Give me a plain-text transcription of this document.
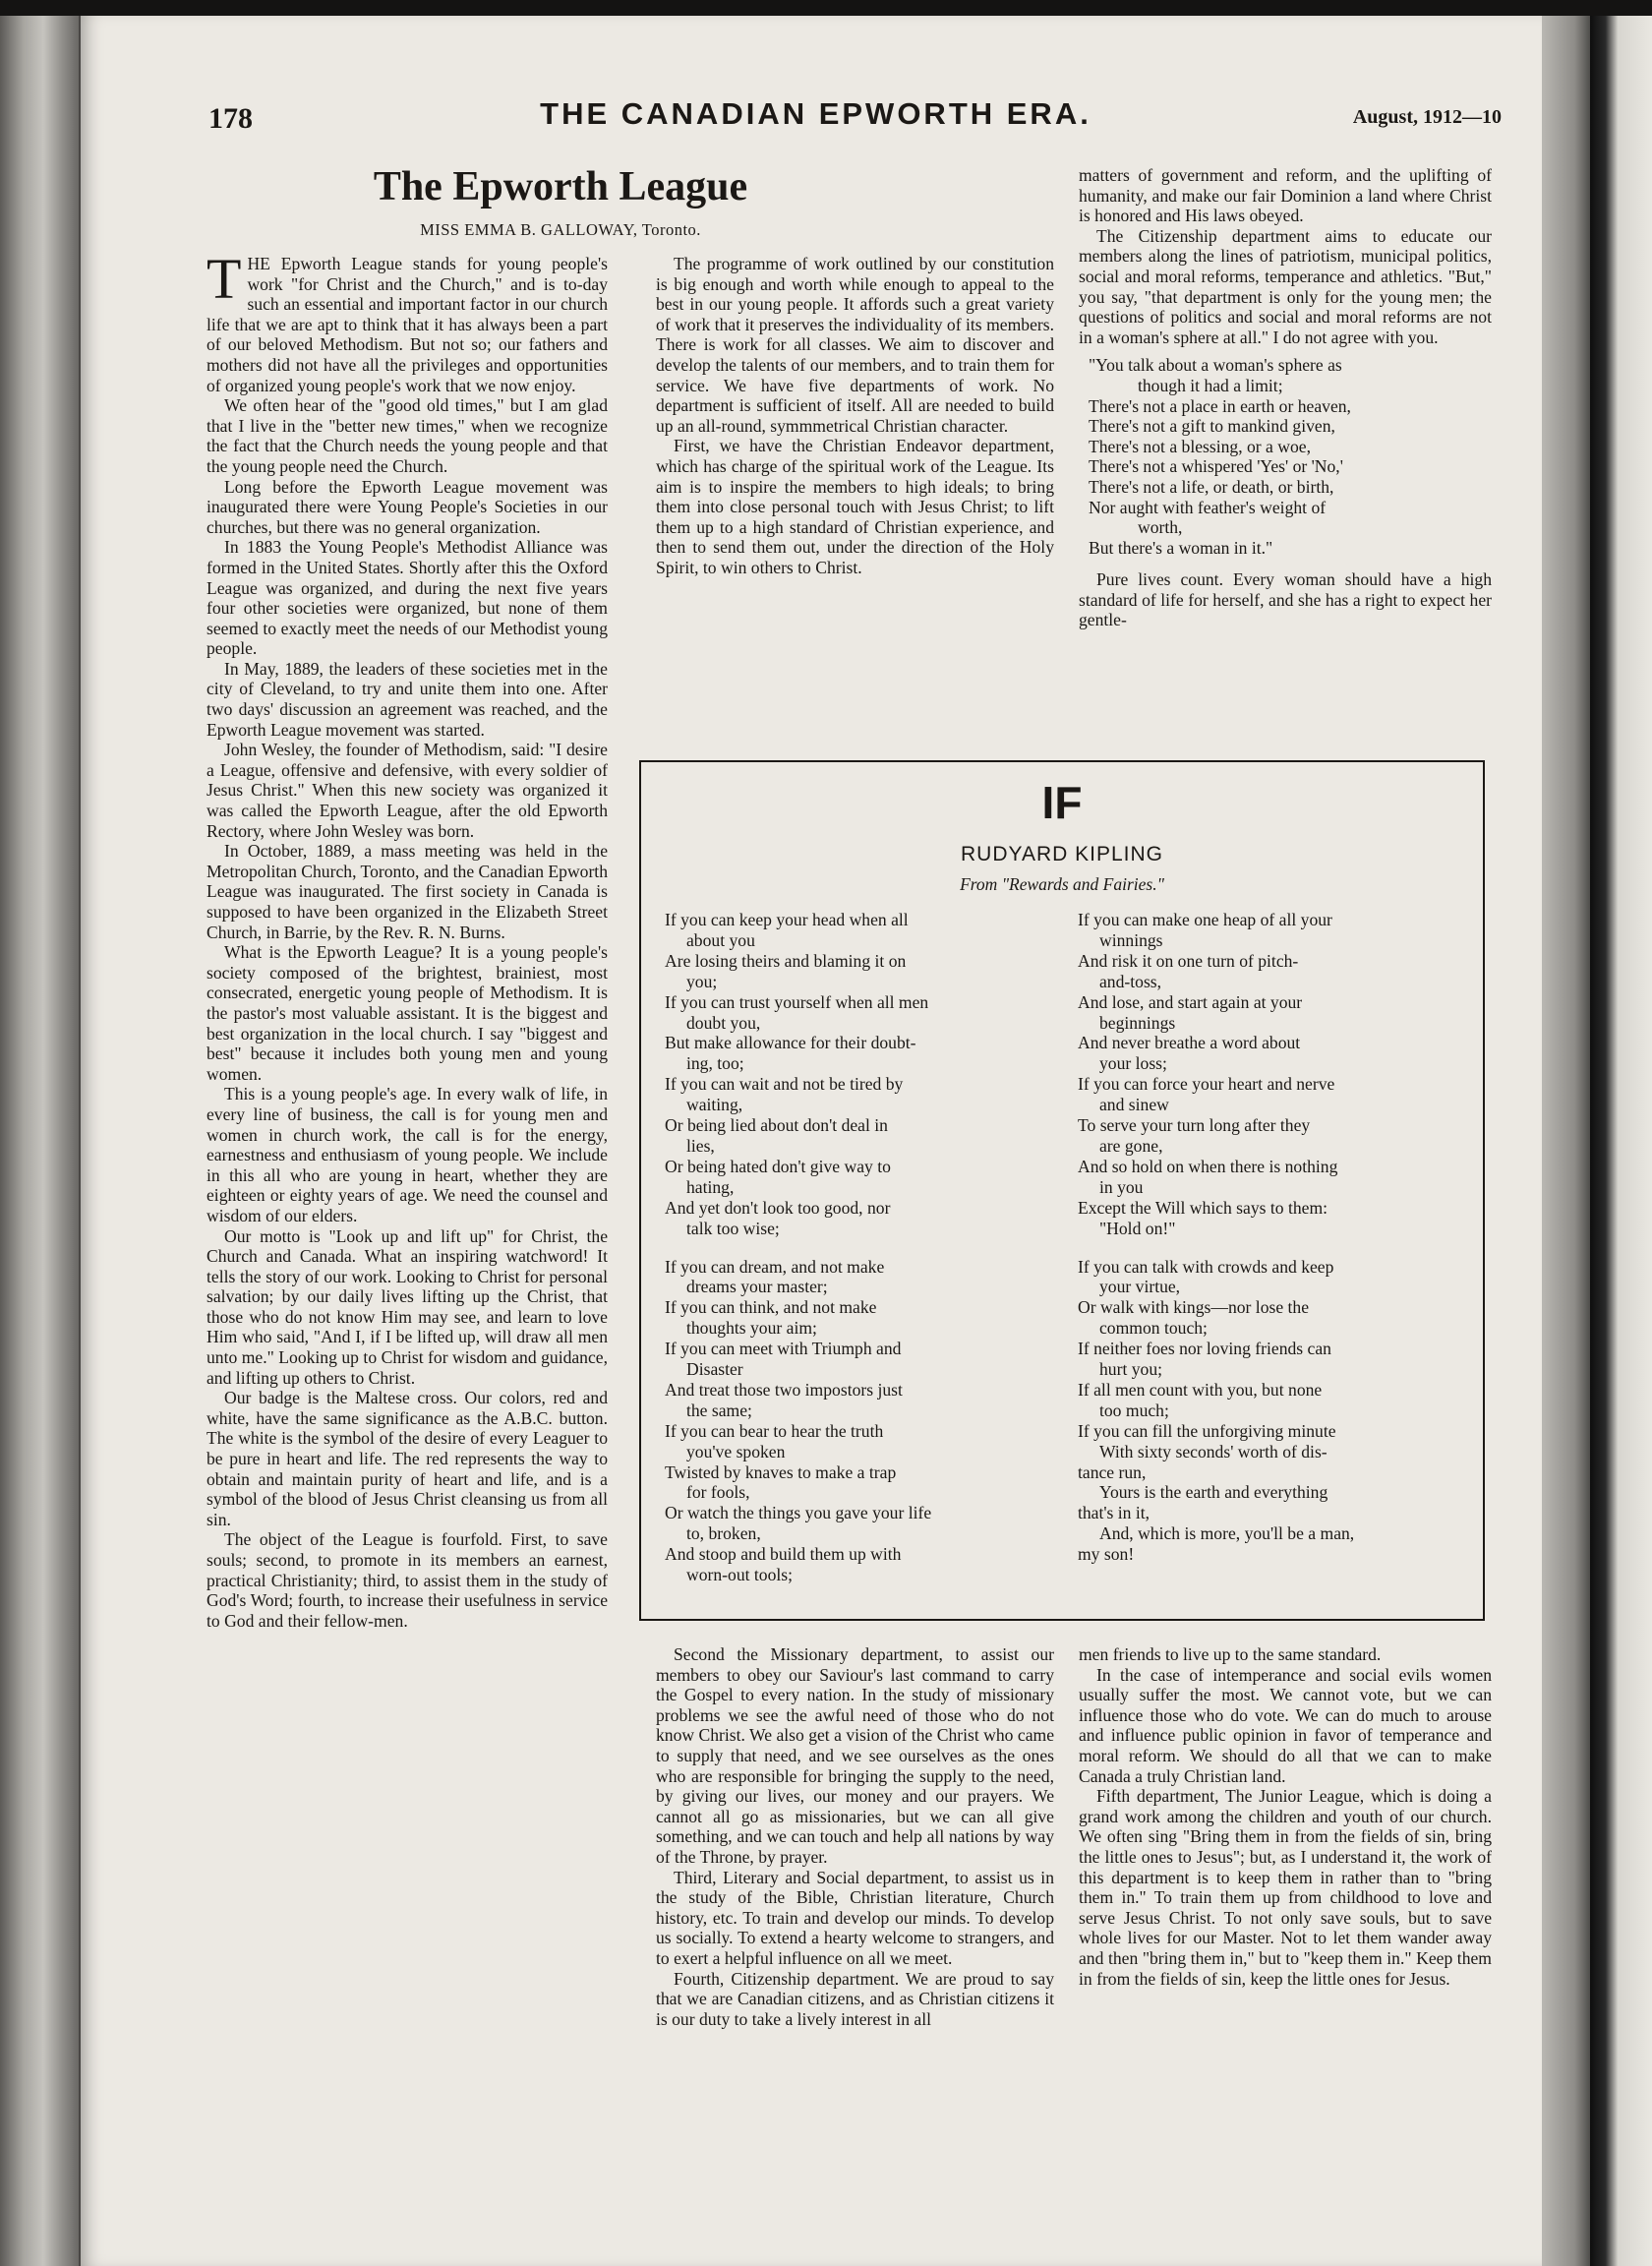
178	THE CANADIAN EPWORTH ERA.	August, 1912—10
The Epworth League
MISS EMMA B. GALLOWAY, Toronto.

THE Epworth League stands for young people's work "for Christ and the Church," and is to-day such an essential and important factor in our church life that we are apt to think that it has always been a part of our beloved Methodism. But not so; our fathers and mothers did not have all the privileges and opportunities of organized young people's work that we now enjoy.

We often hear of the "good old times," but I am glad that I live in the "better new times," when we recognize the fact that the Church needs the young people and that the young people need the Church.

Long before the Epworth League movement was inaugurated there were Young People's Societies in our churches, but there was no general organization.

In 1883 the Young People's Methodist Alliance was formed in the United States. Shortly after this the Oxford League was organized, and during the next five years four other societies were organized, but none of them seemed to exactly meet the needs of our Methodist young people.

In May, 1889, the leaders of these societies met in the city of Cleveland, to try and unite them into one. After two days' discussion an agreement was reached, and the Epworth League movement was started.

John Wesley, the founder of Methodism, said: "I desire a League, offensive and defensive, with every soldier of Jesus Christ." When this new society was organized it was called the Epworth League, after the old Epworth Rectory, where John Wesley was born.

In October, 1889, a mass meeting was held in the Metropolitan Church, Toronto, and the Canadian Epworth League was inaugurated. The first society in Canada is supposed to have been organized in the Elizabeth Street Church, in Barrie, by the Rev. R. N. Burns.

What is the Epworth League? It is a young people's society composed of the brightest, brainiest, most consecrated, energetic young people of Methodism. It is the pastor's most valuable assistant. It is the biggest and best organization in the local church. I say "biggest and best" because it includes both young men and young women.

This is a young people's age. In every walk of life, in every line of business, the call is for young men and women in church work, the call is for the energy, earnestness and enthusiasm of young people. We include in this all who are young in heart, whether they are eighteen or eighty years of age. We need the counsel and wisdom of our elders.

Our motto is "Look up and lift up" for Christ, the Church and Canada. What an inspiring watchword! It tells the story of our work. Looking to Christ for personal salvation; by our daily lives lifting up the Christ, that those who do not know Him may see, and learn to love Him who said, "And I, if I be lifted up, will draw all men unto me." Looking up to Christ for wisdom and guidance, and lifting up others to Christ.

Our badge is the Maltese cross. Our colors, red and white, have the same significance as the A.B.C. button. The white is the symbol of the desire of every Leaguer to be pure in heart and life. The red represents the way to obtain and maintain purity of heart and life, and is a symbol of the blood of Jesus Christ cleansing us from all sin.

The object of the League is fourfold. First, to save souls; second, to promote in its members an earnest, practical Christianity; third, to assist them in the study of God's Word; fourth, to increase their usefulness in service to God and their fellow-men.

The programme of work outlined by our constitution is big enough and worth while enough to appeal to the best in our young people. It affords such a great variety of work that it preserves the individuality of its members. There is work for all classes. We aim to discover and develop the talents of our members, and to train them for service. We have five departments of work. No department is sufficient of itself. All are needed to build up an all-round, symmmetrical Christian character.

First, we have the Christian Endeavor department, which has charge of the spiritual work of the League. Its aim is to inspire the members to high ideals; to bring them into close personal touch with Jesus Christ; to lift them up to a high standard of Christian experience, and then to send them out, under the direction of the Holy Spirit, to win others to Christ.

matters of government and reform, and the uplifting of humanity, and make our fair Dominion a land where Christ is honored and His laws obeyed.

The Citizenship department aims to educate our members along the lines of patriotism, municipal politics, social and moral reforms, temperance and athletics. "But," you say, "that department is only for the young men; the questions of politics and social and moral reforms are not in a woman's sphere at all." I do not agree with you.

"You talk about a woman's sphere as
though it had a limit;
There's not a place in earth or heaven,
There's not a gift to mankind given,
There's not a blessing, or a woe,
There's not a whispered 'Yes' or 'No,'
There's not a life, or death, or birth,
Nor aught with feather's weight of
worth,
But there's a woman in it."

Pure lives count. Every woman should have a high standard of life for herself, and she has a right to expect her gentle-

IF
RUDYARD KIPLING
From "Rewards and Fairies."
If you can keep your head when all
about you
Are losing theirs and blaming it on
you;
If you can trust yourself when all men
doubt you,
But make allowance for their doubt-
ing, too;
If you can wait and not be tired by
waiting,
Or being lied about don't deal in
lies,
Or being hated don't give way to
hating,
And yet don't look too good, nor
talk too wise;
If you can dream, and not make
dreams your master;
If you can think, and not make
thoughts your aim;
If you can meet with Triumph and
Disaster
And treat those two impostors just
the same;
If you can bear to hear the truth
you've spoken
Twisted by knaves to make a trap
for fools,
Or watch the things you gave your life
to, broken,
And stoop and build them up with
worn-out tools;
If you can make one heap of all your
winnings
And risk it on one turn of pitch-
and-toss,
And lose, and start again at your
beginnings
And never breathe a word about
your loss;
If you can force your heart and nerve
and sinew
To serve your turn long after they
are gone,
And so hold on when there is nothing
in you
Except the Will which says to them:
"Hold on!"
If you can talk with crowds and keep
your virtue,
Or walk with kings—nor lose the
common touch;
If neither foes nor loving friends can
hurt you;
If all men count with you, but none
too much;
If you can fill the unforgiving minute
With sixty seconds' worth of dis-
tance run,
Yours is the earth and everything
that's in it,
And, which is more, you'll be a man,
my son!

Second the Missionary department, to assist our members to obey our Saviour's last command to carry the Gospel to every nation. In the study of missionary problems we see the awful need of those who do not know Christ. We also get a vision of the Christ who came to supply that need, and we see ourselves as the ones who are responsible for bringing the supply to the need, by giving our lives, our money and our prayers. We cannot all go as missionaries, but we can all give something, and we can touch and help all nations by way of the Throne, by prayer.

Third, Literary and Social department, to assist us in the study of the Bible, Christian literature, Church history, etc. To train and develop our minds. To develop us socially. To extend a hearty welcome to strangers, and to exert a helpful influence on all we meet.

Fourth, Citizenship department. We are proud to say that we are Canadian citizens, and as Christian citizens it is our duty to take a lively interest in all

men friends to live up to the same standard.

In the case of intemperance and social evils women usually suffer the most. We cannot vote, but we can influence those who do vote. We can do much to arouse and influence public opinion in favor of temperance and moral reform. We should do all that we can to make Canada a truly Christian land.

Fifth department, The Junior League, which is doing a grand work among the children and youth of our church. We often sing "Bring them in from the fields of sin, bring the little ones to Jesus"; but, as I understand it, the work of this department is to keep them in rather than to "bring them in." To train them up from childhood to love and serve Jesus Christ. To not only save souls, but to save whole lives for our Master. Not to let them wander away and then "bring them in," but to "keep them in." Keep them in from the fields of sin, keep the little ones for Jesus.
